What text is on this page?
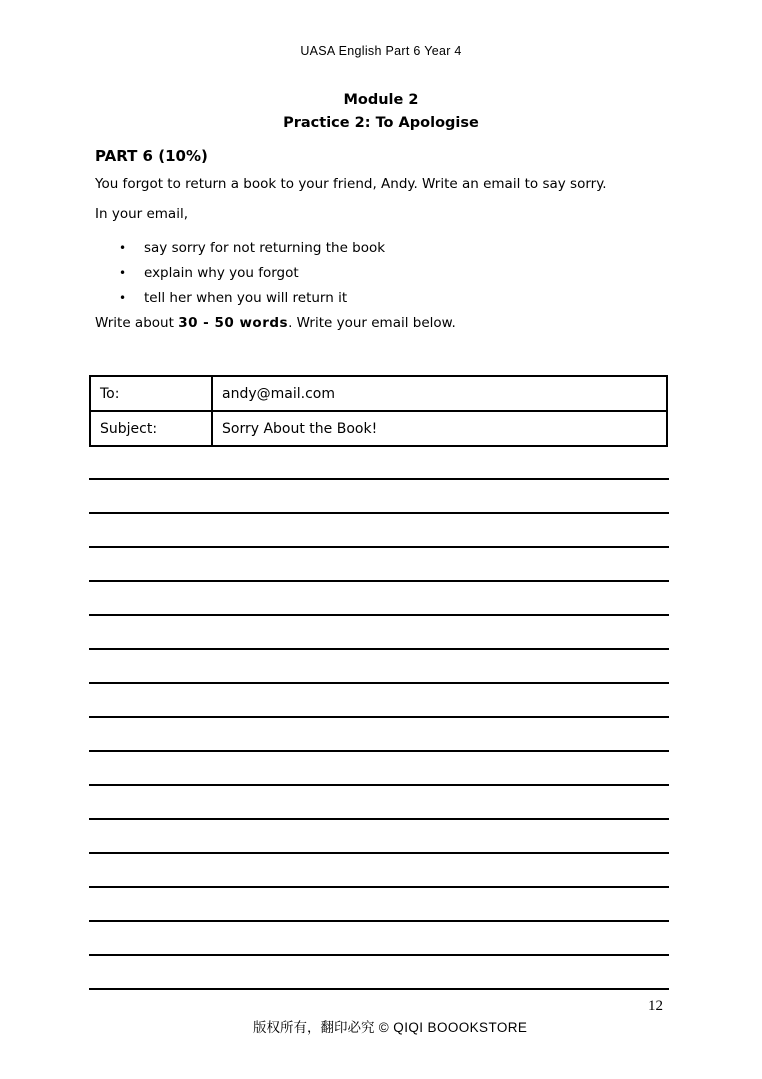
UASA English Part 6 Year 4
Module 2
Practice 2: To Apologise
PART 6 (10%)
You forgot to return a book to your friend, Andy. Write an email to say sorry.
In your email,
•	say sorry for not returning the book
•	explain why you forgot
•	tell her when you will return it
Write about 30 - 50 words. Write your email below.
To:	andy@mail.com
Subject:	Sorry About the Book!
12
版权所有，翻印必究 © QIQI BOOOKSTORE
